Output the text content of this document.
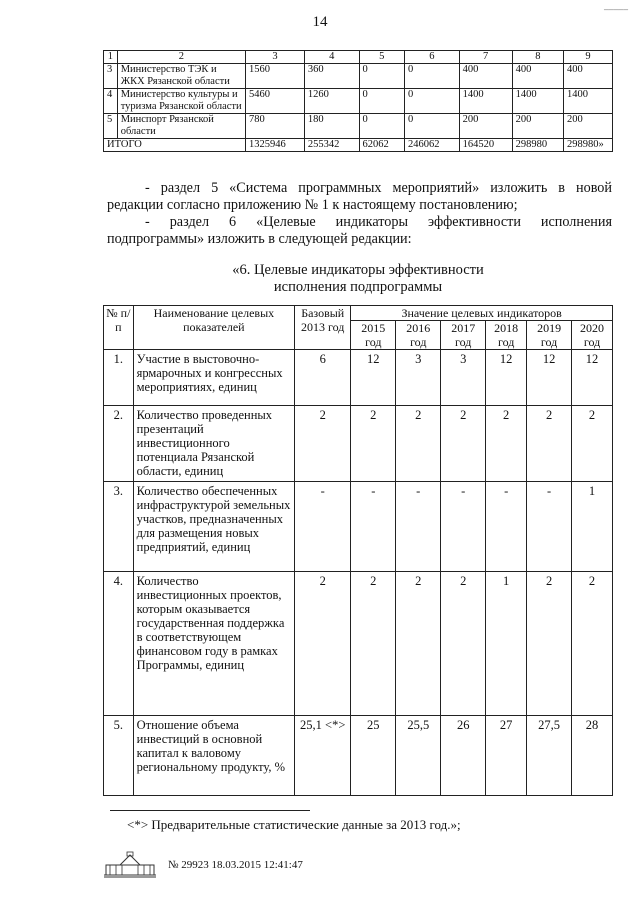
14
—————
1	2	3	4	5	6	7	8	9
3	Министерство ТЭК и ЖКХ Рязанской области	1560	360	0	0	400	400	400
4	Министерство культуры и туризма Рязанской области	5460	1260	0	0	1400	1400	1400
5	Минспорт Рязанской области	780	180	0	0	200	200	200
ИТОГО		1325946	255342	62062	246062	164520	298980	298980»
- раздел 5 «Система программных мероприятий» изложить в новой редакции согласно приложению № 1 к настоящему постановлению;
- раздел 6 «Целевые индикаторы эффективности исполнения подпрограммы» изложить в следующей редакции:
«6. Целевые индикаторы эффективности
исполнения подпрограммы
№ п/п	Наименование целевых показателей	Базовый 2013 год	Значение целевых индикаторов					
			2015 год	2016 год	2017 год	2018 год	2019 год	2020 год
1.	Участие в выстовочно-ярмарочных и конгрессных мероприятиях, единиц	6	12	3	3	12	12	12
2.	Количество проведенных презентаций инвестиционного потенциала Рязанской области, единиц	2	2	2	2	2	2	2
3.	Количество обеспеченных инфраструктурой земельных участков, предназначенных для размещения новых предприятий, единиц	-	-	-	-	-	-	1
4.	Количество инвестиционных проектов, которым оказывается государственная поддержка в соответствующем финансовом году в рамках Программы, единиц	2	2	2	2	1	2	2
5.	Отношение объема инвестиций в основной капитал к валовому региональному продукту, %	25,1 <*>	25	25,5	26	27	27,5	28
<*> Предварительные статистические данные за 2013 год.»;
№ 29923 18.03.2015 12:41:47
